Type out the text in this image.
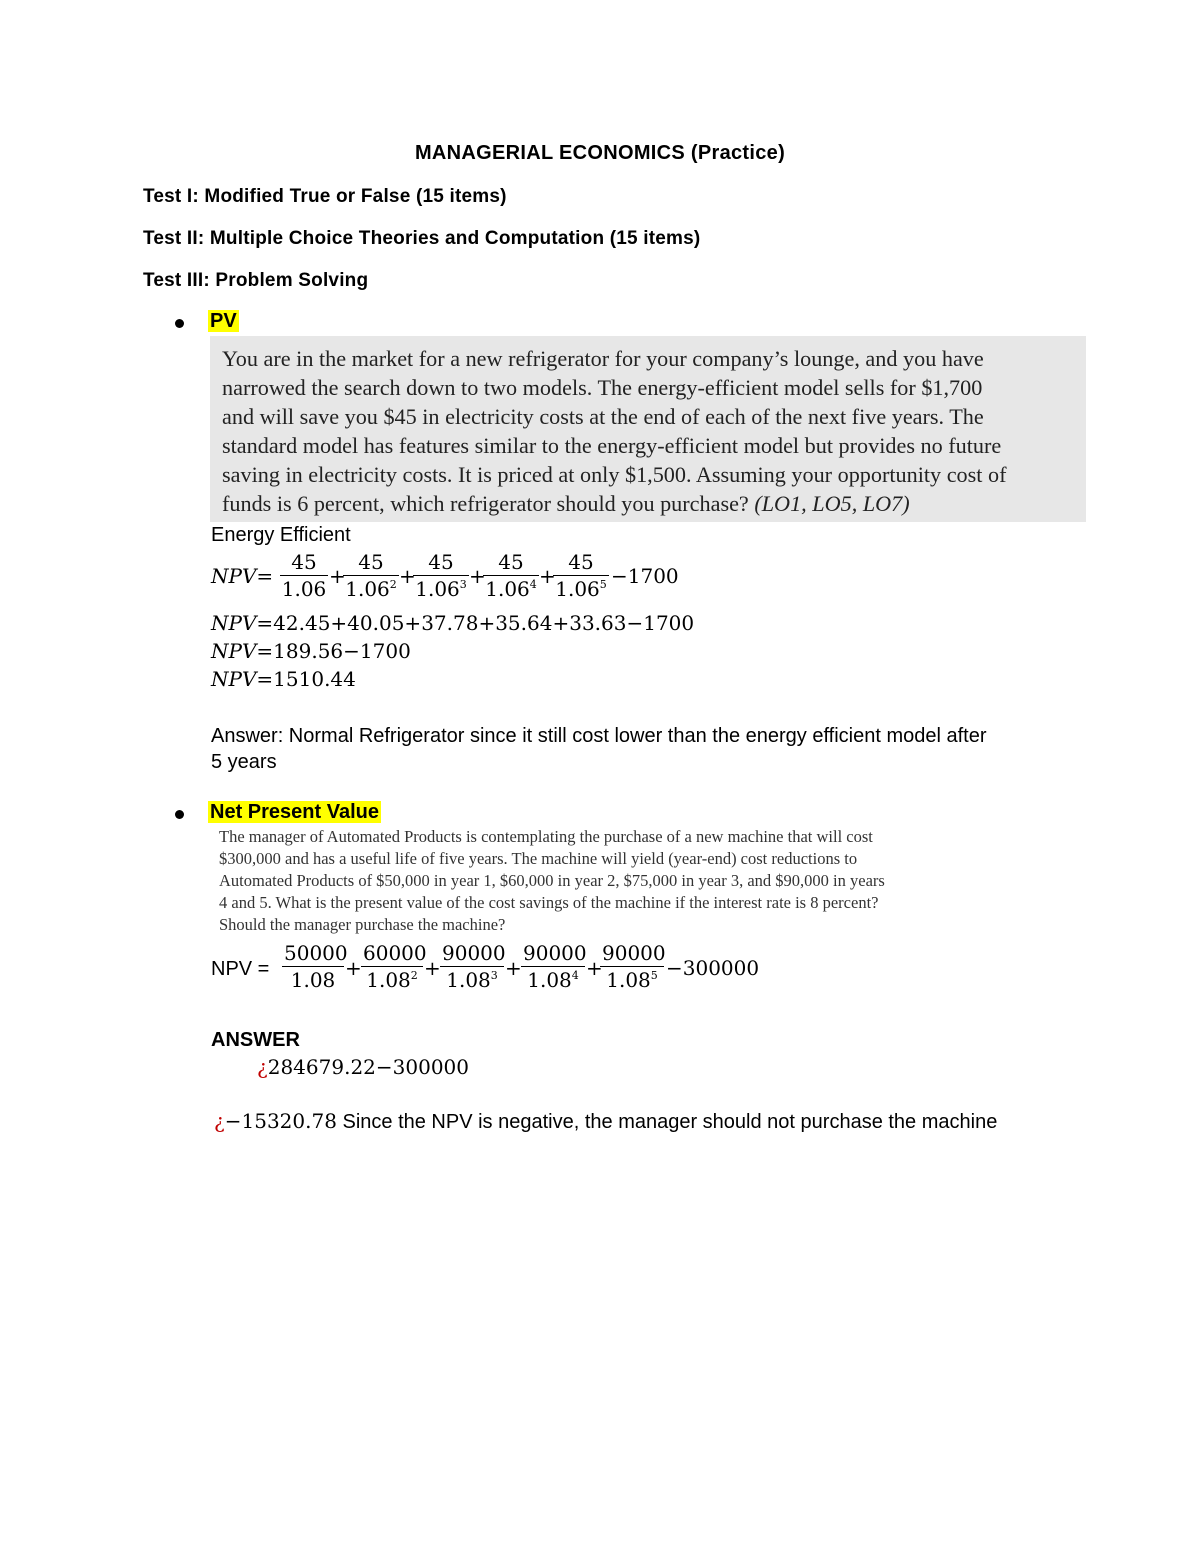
MANAGERIAL ECONOMICS (Practice)
Test I: Modified True or False (15 items)
Test II: Multiple Choice Theories and Computation (15 items)
Test III: Problem Solving
PV
You are in the market for a new refrigerator for your company’s lounge, and you have
narrowed the search down to two models. The energy-efficient model sells for $1,700
and will save you $45 in electricity costs at the end of each of the next five years. The
standard model has features similar to the energy-efficient model but provides no future
saving in electricity costs. It is priced at only $1,500. Assuming your opportunity cost of
funds is 6 percent, which refrigerator should you purchase? (LO1, LO5, LO7)
Energy Efficient
$NPV= \frac{45}{1.06}$ +
$\frac{45}{1.06^2}$ +
$\frac{45}{1.06^3}$ +
$\frac{45}{1.06^4}$ +
$\frac{45}{1.06^5} -1700$
NPV=42.45+40.05+37.78+35.64+33.63−1700
NPV=189.56−1700
NPV=1510.44
Answer: Normal Refrigerator since it still cost lower than the energy efficient model after
5 years
Net Present Value
The manager of Automated Products is contemplating the purchase of a new machine that will cost
$300,000 and has a useful life of five years. The machine will yield (year-end) cost reductions to
Automated Products of $50,000 in year 1, $60,000 in year 2, $75,000 in year 3, and $90,000 in years
4 and 5. What is the present value of the cost savings of the machine if the interest rate is 8 percent?
Should the manager purchase the machine?
NPV = $\frac{50000}{1.08} + \frac{60000}{1.08^2} + \frac{90000}{1.08^3} + \frac{90000}{1.08^4}$ +
$\frac{90000}{1.08^5} -300000$
ANSWER
¿284679.22−300000
¿−15320.78 Since the NPV is negative, the manager should not purchase the machine
